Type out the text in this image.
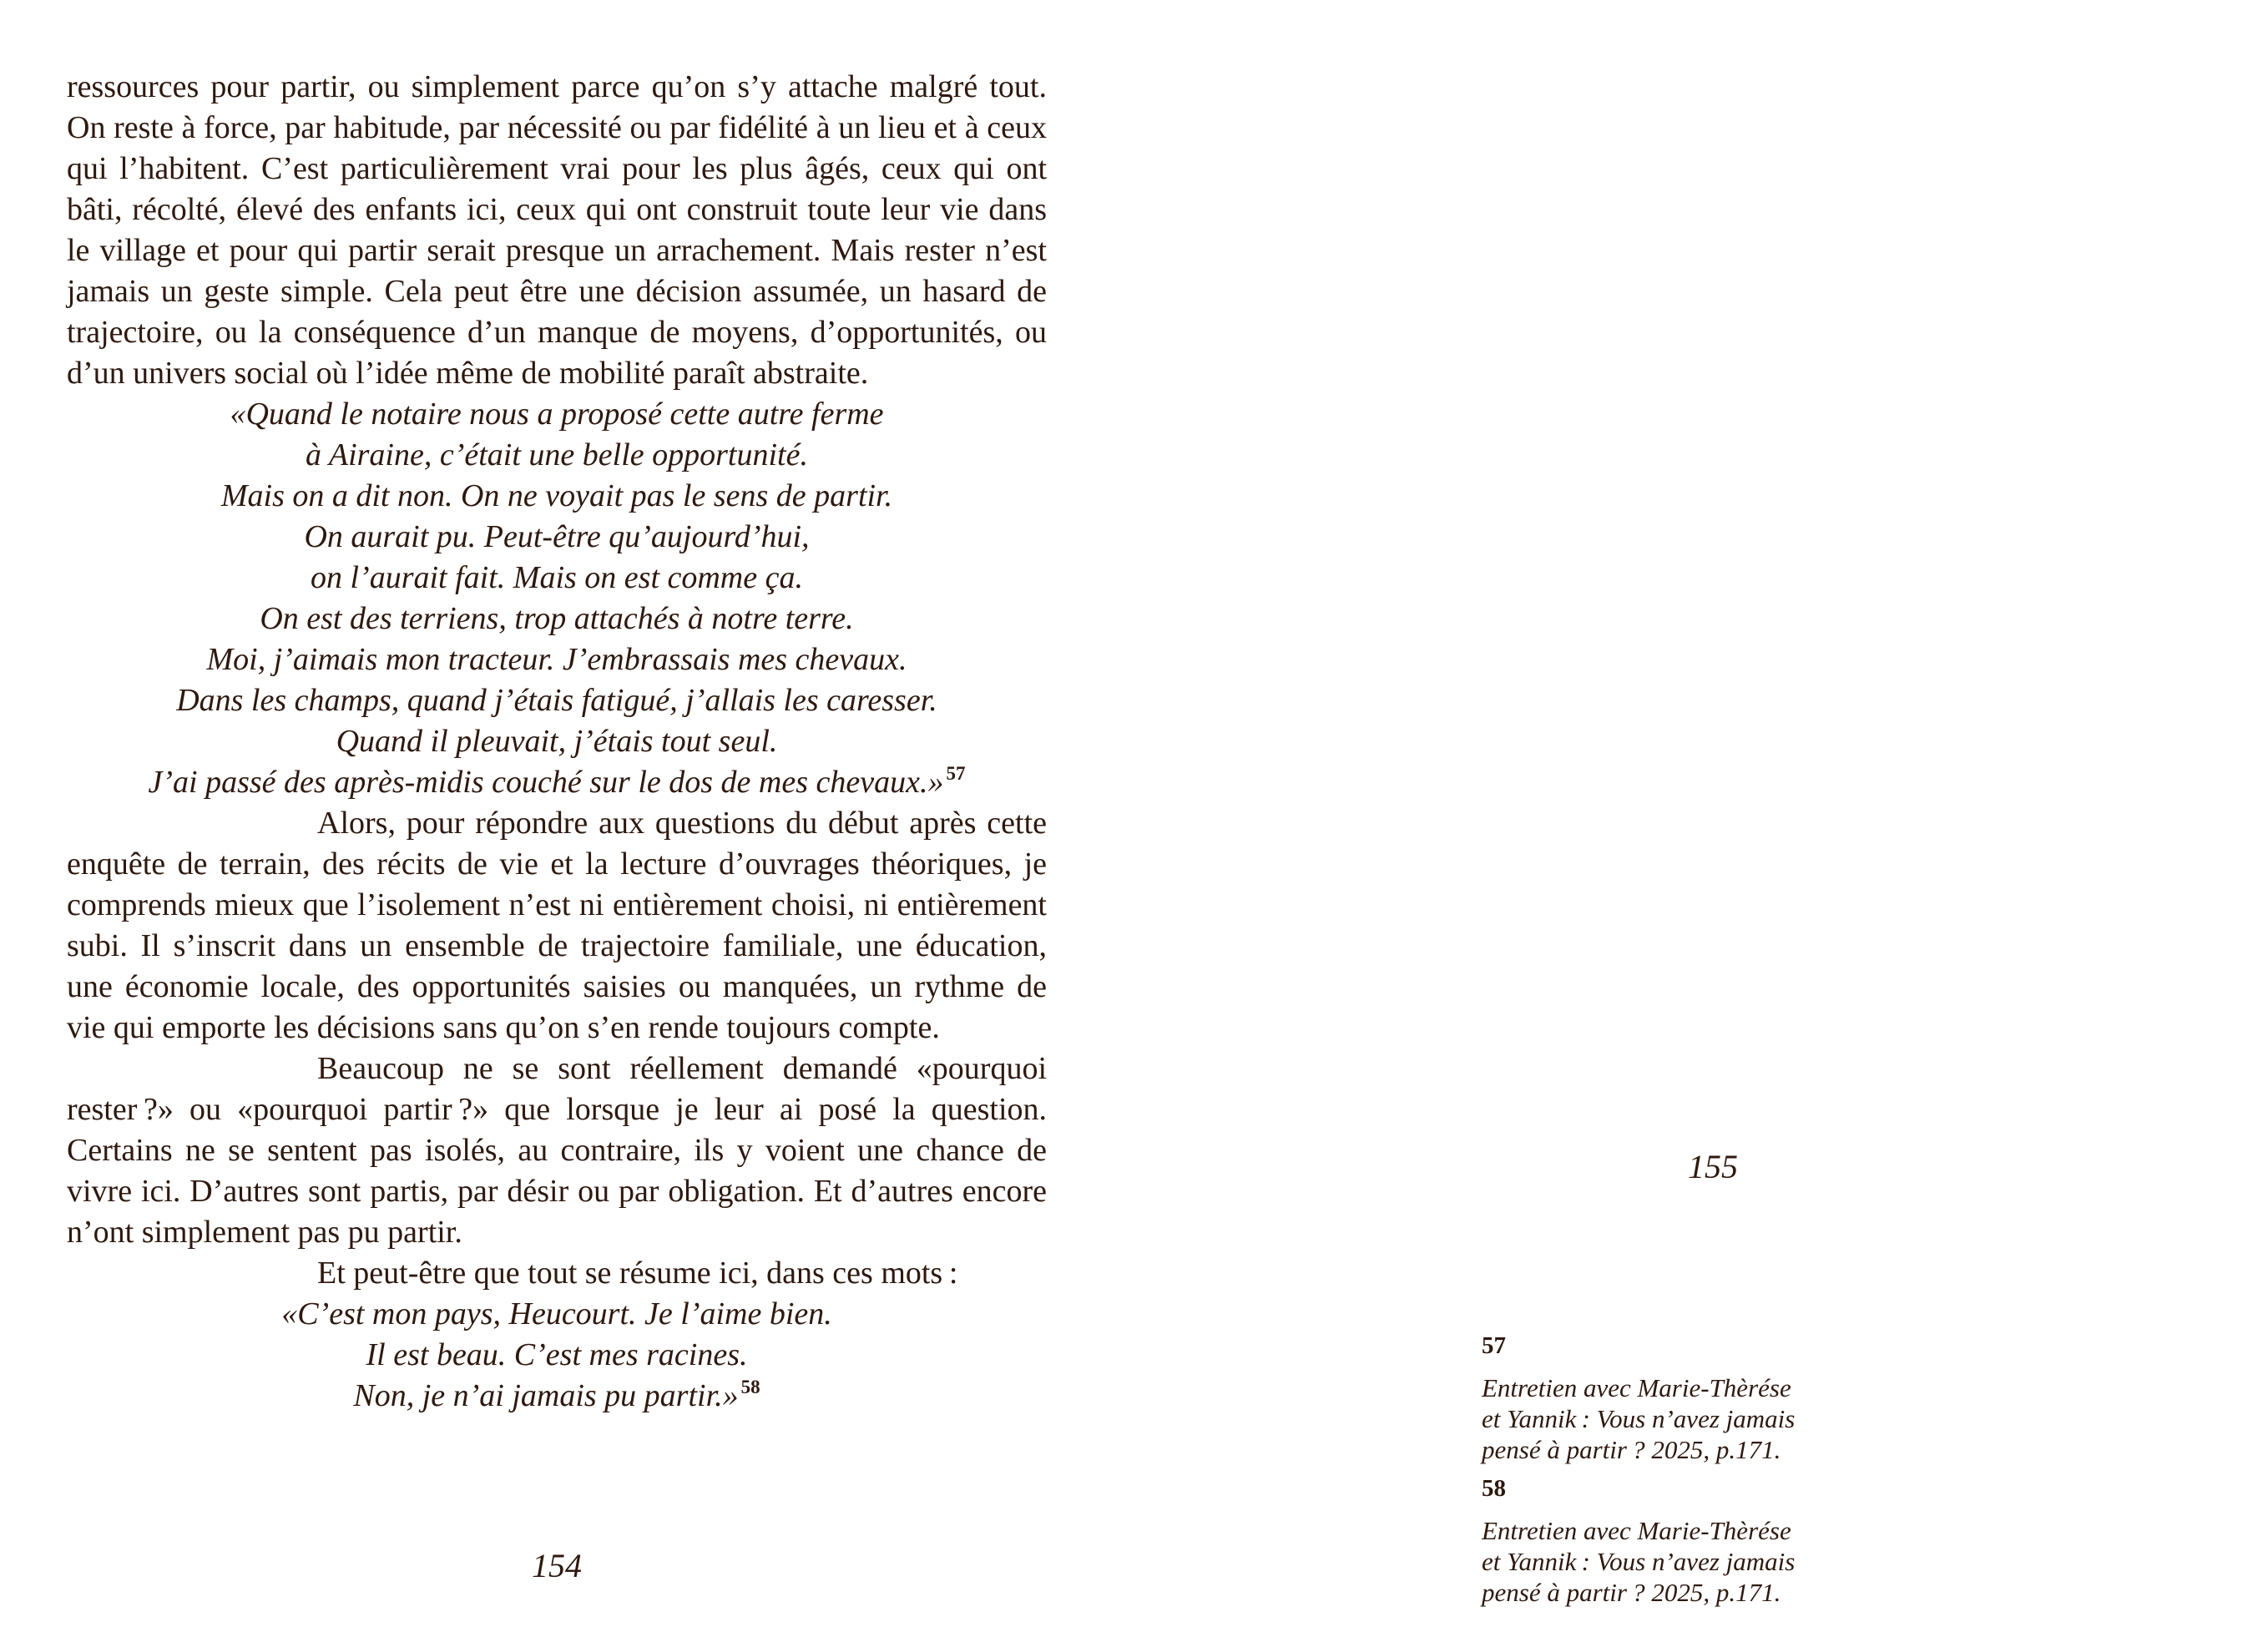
ressources pour partir, ou simplement parce qu’on s’y attache malgré tout. On reste à force, par habitude, par nécessité ou par fidélité à un lieu et à ceux qui l’habitent. C’est particulièrement vrai pour les plus âgés, ceux qui ont bâti, récolté, élevé des enfants ici, ceux qui ont construit toute leur vie dans le village et pour qui partir serait presque un arrachement. Mais rester n’est jamais un geste simple. Cela peut être une décision assumée, un hasard de trajectoire, ou la conséquence d’un manque de moyens, d’opportunités, ou d’un univers social où l’idée même de mobilité paraît abstraite.

«Quand le notaire nous a proposé cette autre ferme
à Airaine, c’était une belle opportunité.
Mais on a dit non. On ne voyait pas le sens de partir.
On aurait pu. Peut-être qu’aujourd’hui,
on l’aurait fait. Mais on est comme ça.
On est des terriens, trop attachés à notre terre.
Moi, j’aimais mon tracteur. J’embrassais mes chevaux.
Dans les champs, quand j’étais fatigué, j’allais les caresser.
Quand il pleuvait, j’étais tout seul.
J’ai passé des après-midis couché sur le dos de mes chevaux.» $^{57}$

Alors, pour répondre aux questions du début après cette enquête de terrain, des récits de vie et la lecture d’ouvrages théoriques, je comprends mieux que l’isolement n’est ni entièrement choisi, ni entièrement subi. Il s’inscrit dans un ensemble de trajectoire familiale, une éducation, une économie locale, des opportunités saisies ou manquées, un rythme de vie qui emporte les décisions sans qu’on s’en rende toujours compte.

Beaucoup ne se sont réellement demandé «pourquoi rester ?» ou «pourquoi partir ?» que lorsque je leur ai posé la question. Certains ne se sentent pas isolés, au contraire, ils y voient une chance de vivre ici. D’autres sont partis, par désir ou par obligation. Et d’autres encore n’ont simplement pas pu partir.

Et peut-être que tout se résume ici, dans ces mots :

«C’est mon pays, Heucourt. Je l’aime bien.
Il est beau. C’est mes racines.
Non, je n’ai jamais pu partir.» $^{58}$
154
155
57
Entretien avec Marie-Thèrése
et Yannik : Vous n’avez jamais
pensé à partir ? 2025, p.171.
58
Entretien avec Marie-Thèrése
et Yannik : Vous n’avez jamais
pensé à partir ? 2025, p.171.
